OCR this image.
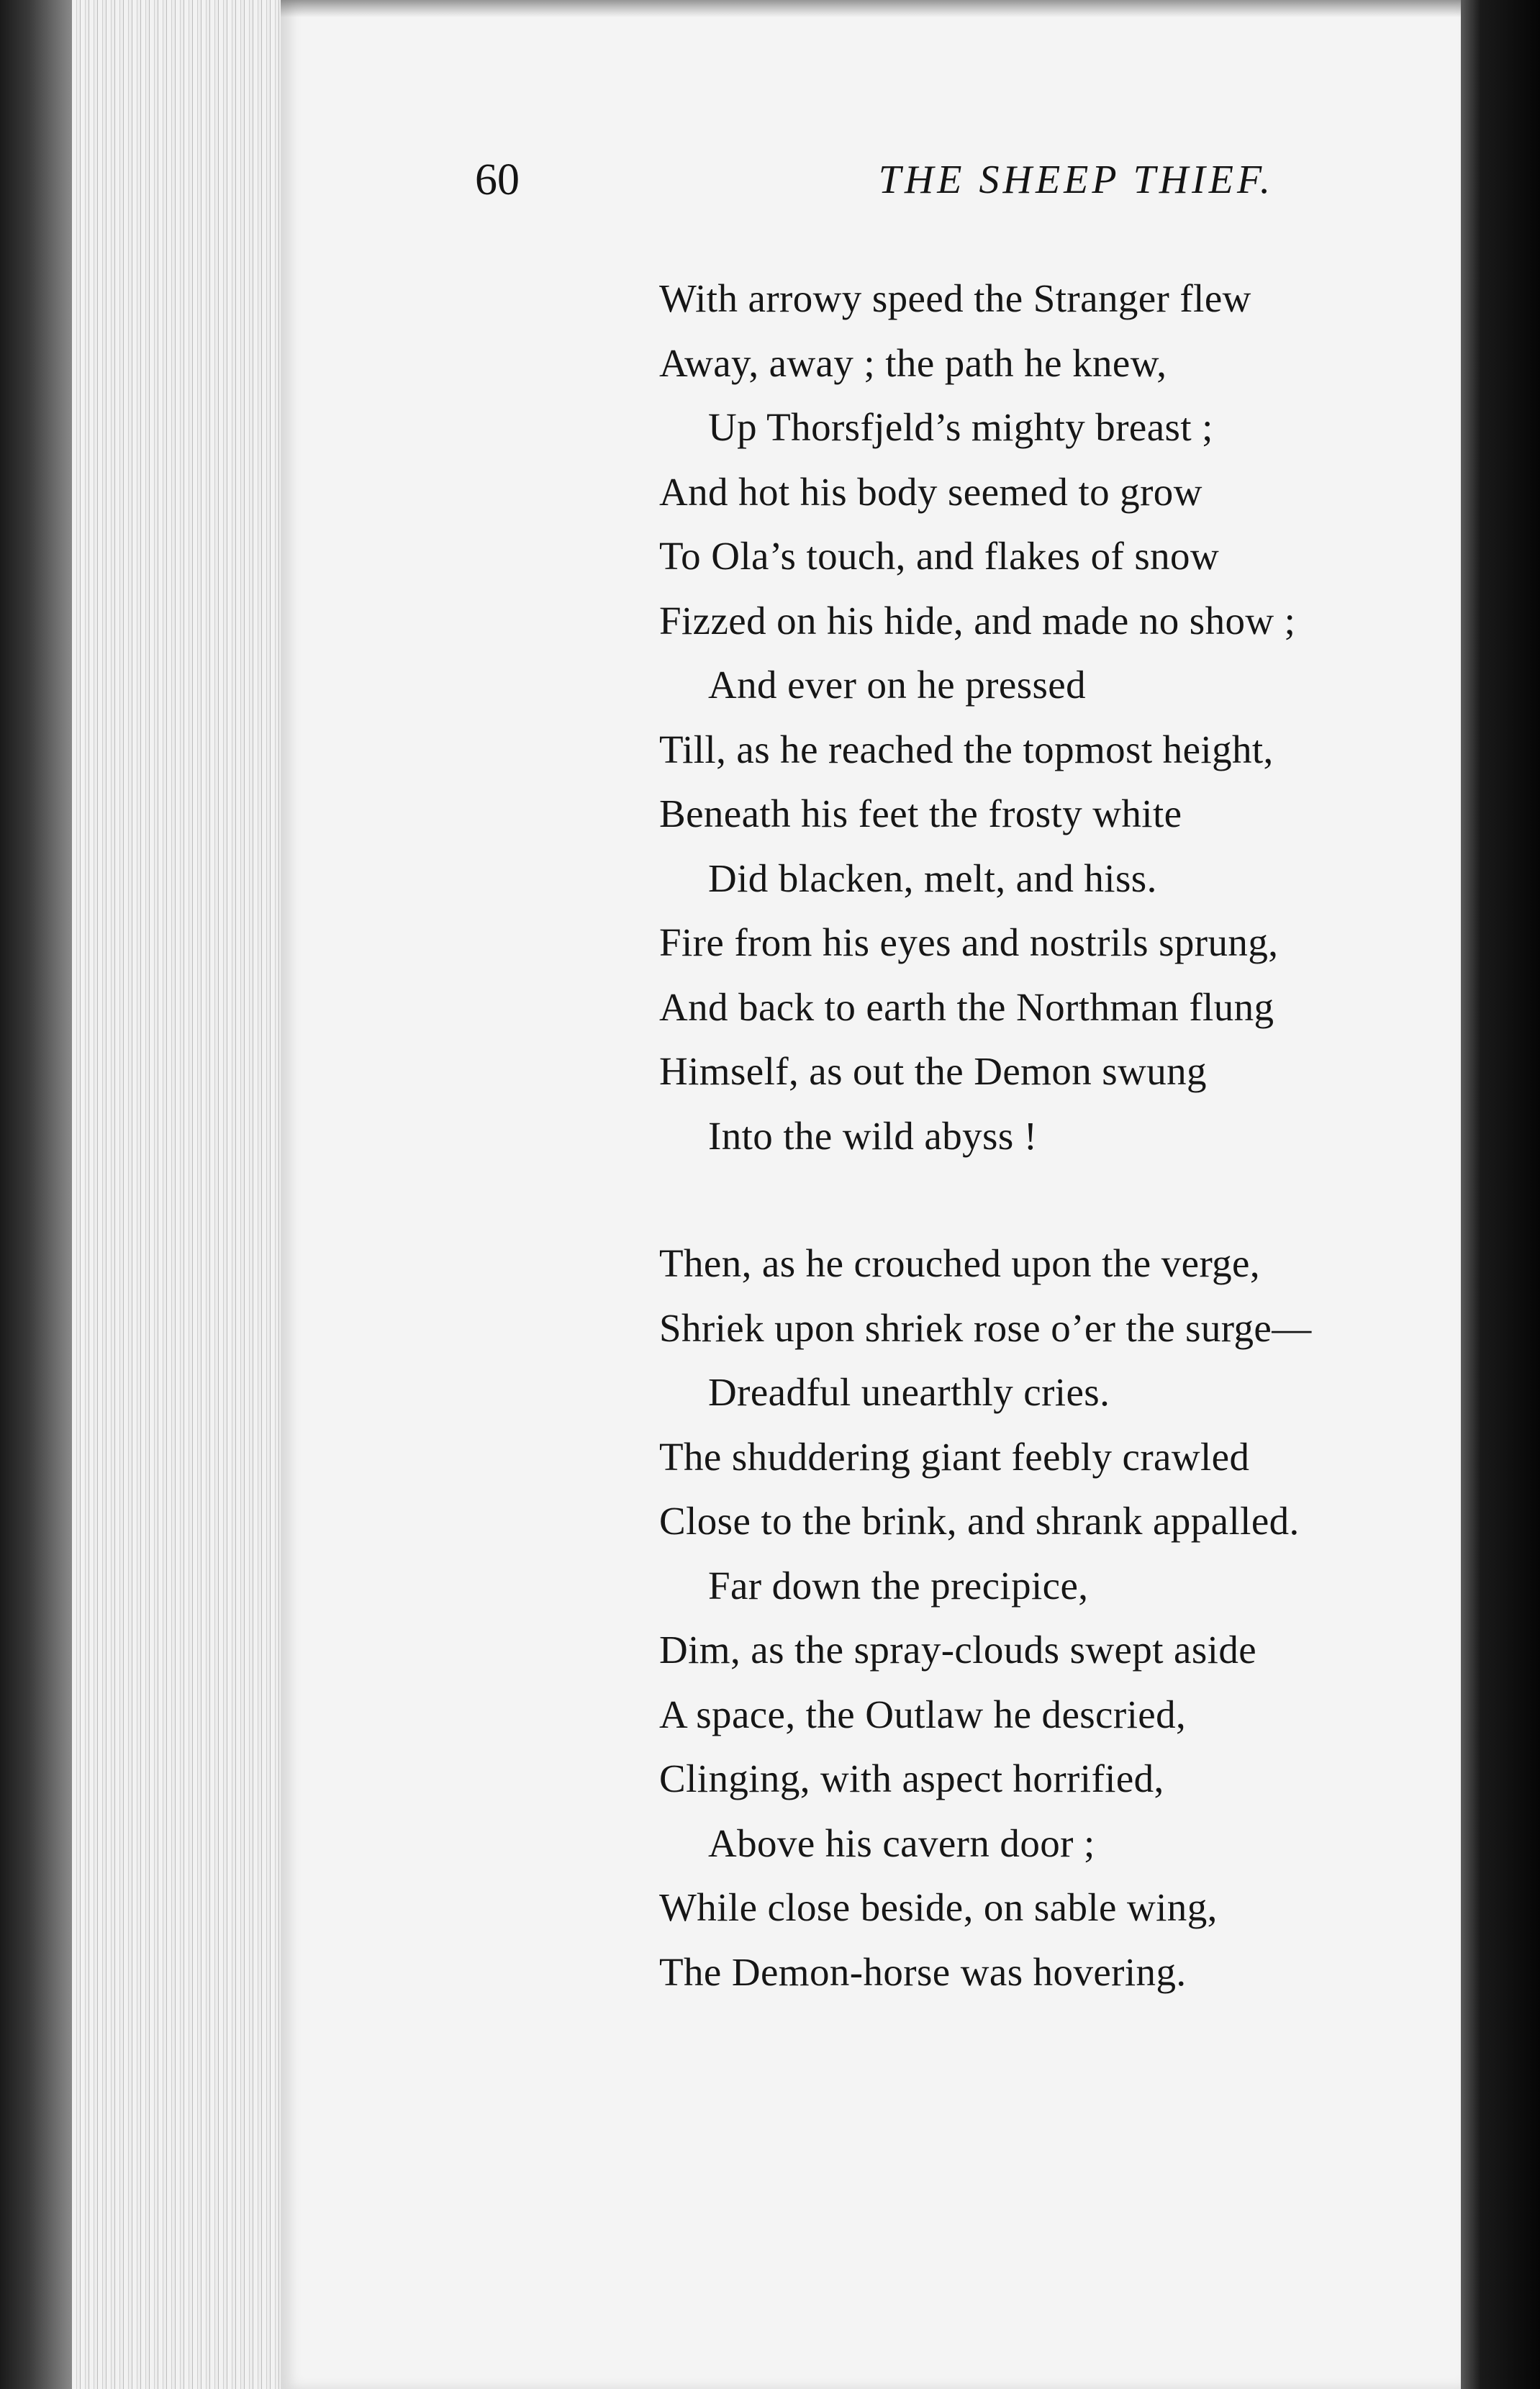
60	THE SHEEP THIEF.
With arrowy speed the Stranger flew
Away, away ; the path he knew,
Up Thorsfjeld’s mighty breast ;
And hot his body seemed to grow
To Ola’s touch, and flakes of snow
Fizzed on his hide, and made no show ;
And ever on he pressed
Till, as he reached the topmost height,
Beneath his feet the frosty white
Did blacken, melt, and hiss.
Fire from his eyes and nostrils sprung,
And back to earth the Northman flung
Himself, as out the Demon swung
Into the wild abyss !
Then, as he crouched upon the verge,
Shriek upon shriek rose o’er the surge—
Dreadful unearthly cries.
The shuddering giant feebly crawled
Close to the brink, and shrank appalled.
Far down the precipice,
Dim, as the spray-clouds swept aside
A space, the Outlaw he descried,
Clinging, with aspect horrified,
Above his cavern door ;
While close beside, on sable wing,
The Demon-horse was hovering.
